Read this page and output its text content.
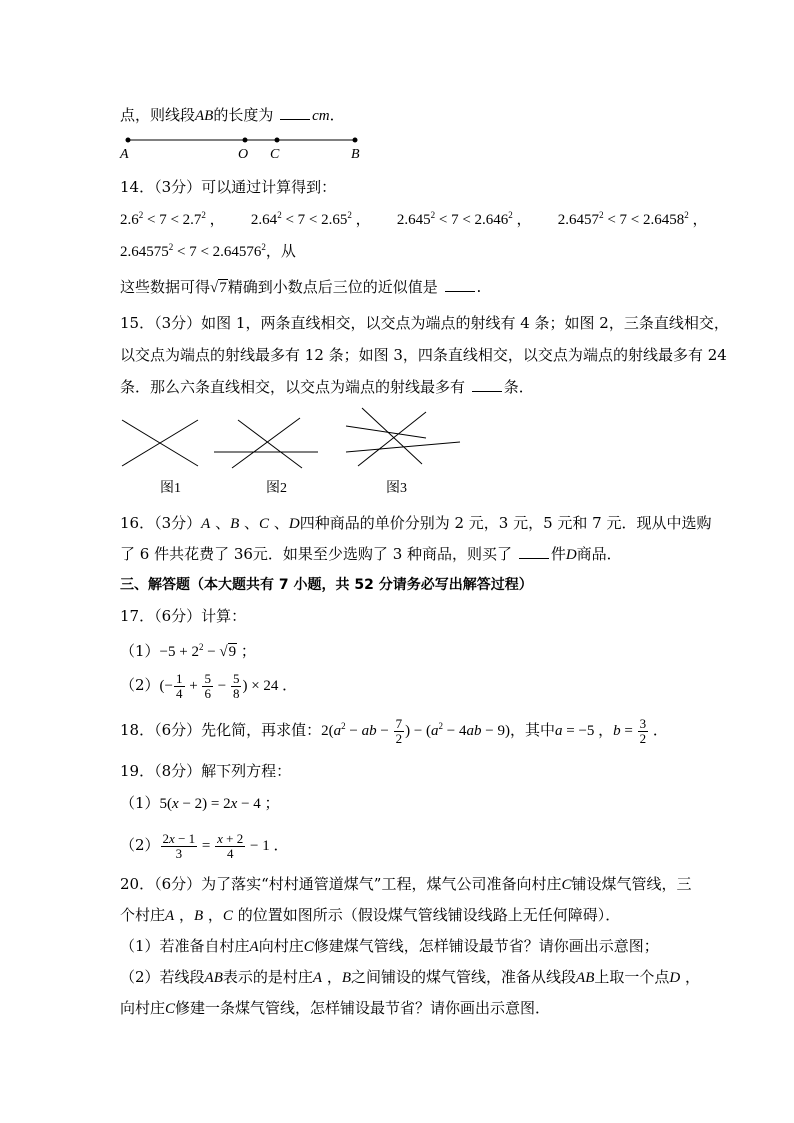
点，则线段AB的长度为	cm．
A	O C	B
14．（3分）可以通过计算得到：
$2.6^2 < 7 < 2.7^2$ ，       $2.64^2 < 7 < 2.65^2$ ，       $2.645^2 < 7 < 2.646^2$ ，       $2.6457^2 < 7 < 2.6458^2$ ，
$2.64575^2 < 7 < 2.64576^2$，从
这些数据可得√7精确到小数点后三位的近似值是	.
15．（3分）如图 1，两条直线相交，以交点为端点的射线有 4 条；如图 2，三条直线相交，
以交点为端点的射线最多有 12 条；如图 3，四条直线相交，以交点为端点的射线最多有 24
条．那么六条直线相交，以交点为端点的射线最多有	条．
图1	图2	图3
16．（3分）A 、B 、C 、D四种商品的单价分别为 2 元，3 元，5 元和 7 元．现从中选购
了 6 件共花费了 36元．如果至少选购了 3 种商品，则买了	件D商品．
三、解答题（本大题共有 7 小题，共 52 分请务必写出解答过程）
17．（6分）计算：
$(1)-5 + 2^2 - √9$ ；
$(2)(- \frac{1}{4} + \frac{5}{6} - \frac{5}{8}$ ) × 24 ．
18．（6分）先化简，再求值：$2(a^2$ − ab − $\frac{7}{2}$ ) − $(a^2 - 4ab - 9)$，其中a = −5 ，$b = \frac{3}{2}$ ．
19．（8分）解下列方程：
（1）5(x − 2) = 2x − 4 ；
$(2) \frac{2x - 1}{3} = \frac{x + 2}{4} - 1$ ．
20．（6分）为了落实“村村通管道煤气”工程，煤气公司准备向村庄C铺设煤气管线，三
个村庄A ，B ，C 的位置如图所示（假设煤气管线铺设线路上无任何障碍）．
（1）若准备自村庄A向村庄C修建煤气管线，怎样铺设最节省？请你画出示意图；
（2）若线段AB表示的是村庄A ，B之间铺设的煤气管线，准备从线段AB上取一个点D ，
向村庄C修建一条煤气管线，怎样铺设最节省？请你画出示意图．
